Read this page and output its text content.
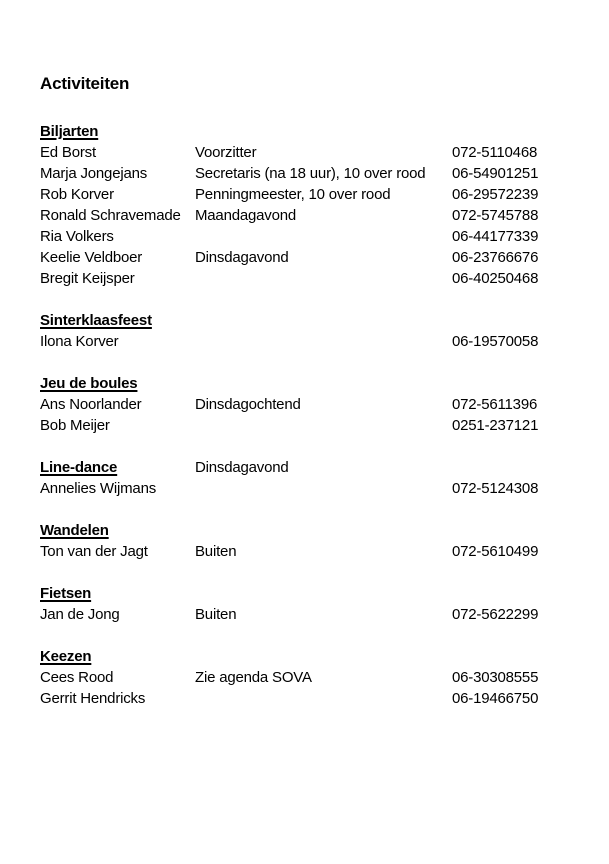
Activiteiten
Biljarten
Ed Borst	Voorzitter	072-5110468
Marja Jongejans	Secretaris (na 18 uur), 10 over rood	06-54901251
Rob Korver	Penningmeester, 10 over rood	06-29572239
Ronald Schravemade Maandagavond	072-5745788
Ria Volkers	06-44177339
Keelie Veldboer	Dinsdagavond	06-23766676
Bregit Keijsper	06-40250468
Sinterklaasfeest
Ilona Korver	06-19570058
Jeu de boules
Ans Noorlander	Dinsdagochtend	072-5611396
Bob Meijer	0251-237121
Line-dance	Dinsdagavond
Annelies Wijmans	072-5124308
Wandelen
Ton van der Jagt	Buiten	072-5610499
Fietsen
Jan de Jong	Buiten	072-5622299
Keezen
Cees Rood	Zie agenda SOVA	06-30308555
Gerrit Hendricks	06-19466750
